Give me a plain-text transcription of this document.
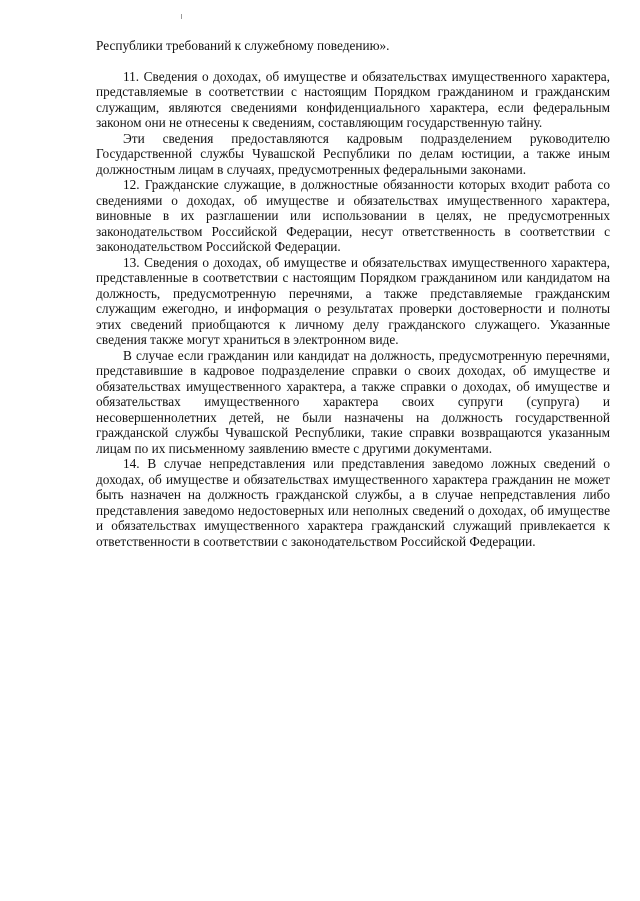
Республики требований к служебному поведению».

11. Сведения о доходах, об имуществе и обязательствах имущественного характера, представляемые в соответствии с настоящим Порядком гражданином и гражданским служащим, являются сведениями конфиденциального характера, если федеральным законом они не отнесены к сведениям, составляющим государственную тайну.

Эти сведения предоставляются кадровым подразделением руководителю Государственной службы Чувашской Республики по делам юстиции, а также иным должностным лицам в случаях, предусмотренных федеральными законами.

12. Гражданские служащие, в должностные обязанности которых входит работа со сведениями о доходах, об имуществе и обязательствах имущественного характера, виновные в их разглашении или использовании в целях, не предусмотренных законодательством Российской Федерации, несут ответственность в соответствии с законодательством Российской Федерации.

13. Сведения о доходах, об имуществе и обязательствах имущественного характера, представленные в соответствии с настоящим Порядком гражданином или кандидатом на должность, предусмотренную перечнями, а также представляемые гражданским служащим ежегодно, и информация о результатах проверки достоверности и полноты этих сведений приобщаются к личному делу гражданского служащего. Указанные сведения также могут храниться в электронном виде.

В случае если гражданин или кандидат на должность, предусмотренную перечнями, представившие в кадровое подразделение справки о своих доходах, об имуществе и обязательствах имущественного характера, а также справки о доходах, об имуществе и обязательствах имущественного характера своих супруги (супруга) и несовершеннолетних детей, не были назначены на должность государственной гражданской службы Чувашской Республики, такие справки возвращаются указанным лицам по их письменному заявлению вместе с другими документами.

14. В случае непредставления или представления заведомо ложных сведений о доходах, об имуществе и обязательствах имущественного характера гражданин не может быть назначен на должность гражданской службы, а в случае непредставления либо представления заведомо недостоверных или неполных сведений о доходах, об имуществе и обязательствах имущественного характера гражданский служащий привлекается к ответственности в соответствии с законодательством Российской Федерации.
